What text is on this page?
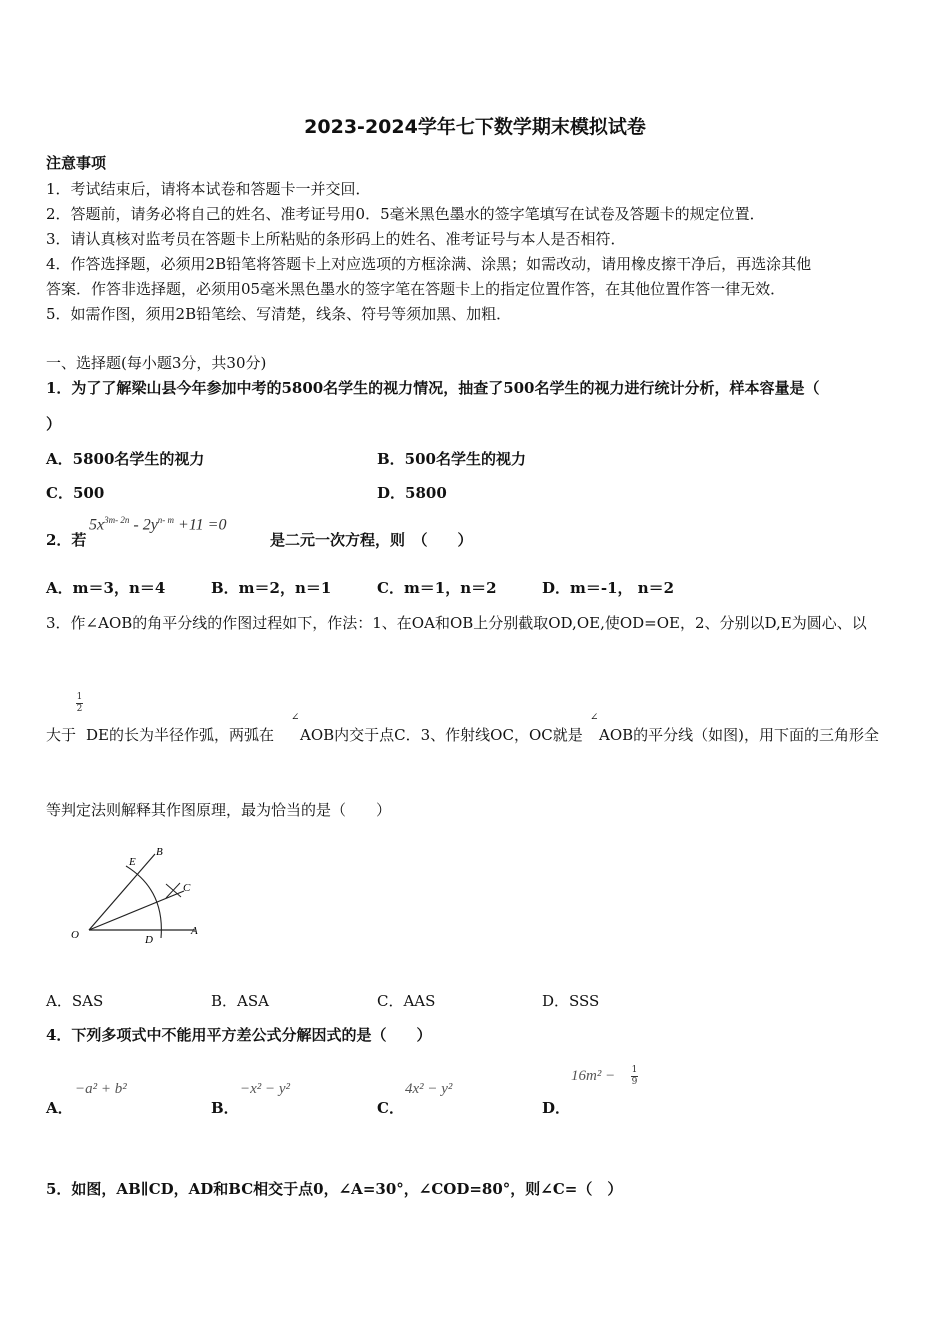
2023-2024学年七下数学期末模拟试卷
注意事项
1．考试结束后，请将本试卷和答题卡一并交回．
2．答题前，请务必将自己的姓名、准考证号用0．5毫米黑色墨水的签字笔填写在试卷及答题卡的规定位置．
3．请认真核对监考员在答题卡上所粘贴的条形码上的姓名、准考证号与本人是否相符．
4．作答选择题，必须用2B铅笔将答题卡上对应选项的方框涂满、涂黑；如需改动，请用橡皮擦干净后，再选涂其他
答案．作答非选择题，必须用05毫米黑色墨水的签字笔在答题卡上的指定位置作答，在其他位置作答一律无效．
5．如需作图，须用2B铅笔绘、写清楚，线条、符号等须加黑、加粗．
一、选择题(每小题3分，共30分)
1．为了了解梁山县今年参加中考的5800名学生的视力情况，抽查了500名学生的视力进行统计分析，样本容量是（
）
A．5800名学生的视力	B．500名学生的视力
C．500	D．5800
2．若
$5x^{3m- 2n} - 2y^{n- m} +11 =0$
是二元一次方程，则　（　　）
A．m＝3，n＝4	B．m＝2，n＝1	C．m＝1，n＝2	D．m＝-1， n＝2
3．作∠AOB的角平分线的作图过程如下，作法：1、在OA和OB上分别截取OD,OE,使OD=OE，2、分别以D,E为圆心、以
1
2
大于 DE的长为半径作弧，两弧在
∠
AOB内交于点C．3、作射线OC，OC就是
∠
AOB的平分线（如图)，用下面的三角形全
等判定法则解释其作图原理，最为恰当的是（　　）
O	A
B
C
D
E
A．SAS	B．ASA	C．AAS	D．SSS
4．下列多项式中不能用平方差公式分解因式的是（　　）
A．
−a² + b²
B．
−x² − y²
C．
4x² − y²
D．
16m² − 1
9
5．如图，AB∥CD，AD和BC相交于点0，∠A=30°，∠COD=80°，则∠C=（　）
